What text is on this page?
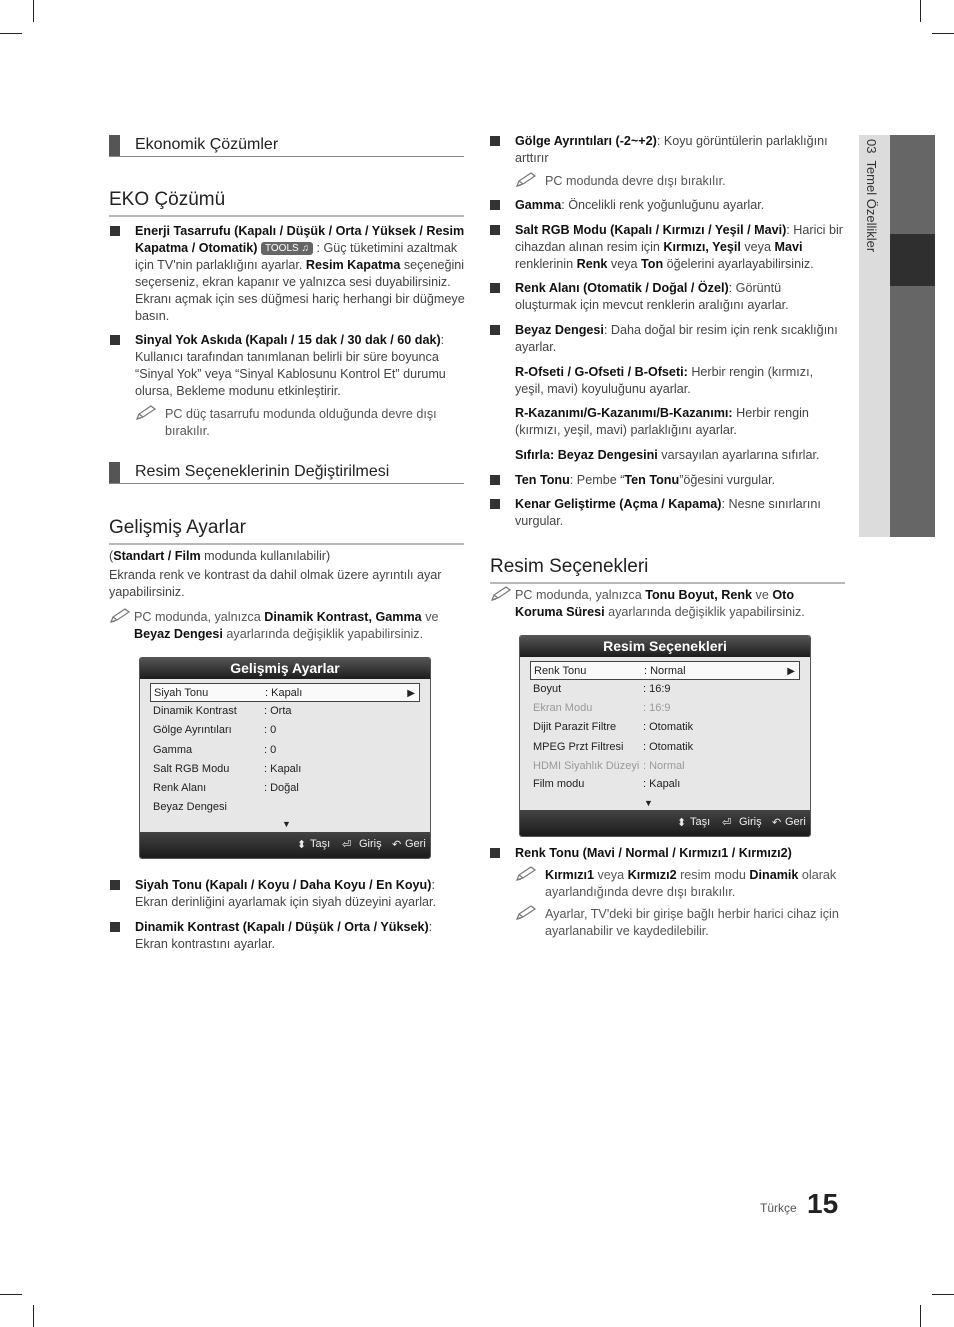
03  Temel Özellikler
Ekonomik Çözümler
EKO Çözümü
Enerji Tasarrufu (Kapalı / Düşük / Orta / Yüksek / Resim Kapatma / Otomatik) TOOLS ♫ : Güç tüketimini azaltmak için TV'nin parlaklığını ayarlar. Resim Kapatma seçeneğini seçerseniz, ekran kapanır ve yalnızca sesi duyabilirsiniz. Ekranı açmak için ses düğmesi hariç herhangi bir düğmeye basın.
Sinyal Yok Askıda (Kapalı / 15 dak / 30 dak / 60 dak): Kullanıcı tarafından tanımlanan belirli bir süre boyunca “Sinyal Yok” veya “Sinyal Kablosunu Kontrol Et” durumu olursa, Bekleme modunu etkinleştirir.
PC düç tasarrufu modunda olduğunda devre dışı bırakılır.
Resim Seçeneklerinin Değiştirilmesi
Gelişmiş Ayarlar
(Standart / Film modunda kullanılabilir)
Ekranda renk ve kontrast da dahil olmak üzere ayrıntılı ayar yapabilirsiniz.
PC modunda, yalnızca Dinamik Kontrast, Gamma ve Beyaz Dengesi ayarlarında değişiklik yapabilirsiniz.
Gelişmiş Ayarlar
Siyah Tonu	: Kapalı	▶
Dinamik Kontrast : Orta
Gölge Ayrıntıları	: 0
Gamma	: 0
Salt RGB Modu	: Kapalı
Renk Alanı	: Doğal
Beyaz Dengesi
▼
⬍ Taşı ⏎ Giriş ↶ Geri
Siyah Tonu (Kapalı / Koyu / Daha Koyu / En Koyu): Ekran derinliğini ayarlamak için siyah düzeyini ayarlar.
Dinamik Kontrast (Kapalı / Düşük / Orta / Yüksek): Ekran kontrastını ayarlar.
Gölge Ayrıntıları (-2~+2): Koyu görüntülerin parlaklığını arttırır
PC modunda devre dışı bırakılır.
Gamma: Öncelikli renk yoğunluğunu ayarlar.
Salt RGB Modu (Kapalı / Kırmızı / Yeşil / Mavi): Harici bir cihazdan alınan resim için Kırmızı, Yeşil veya Mavi renklerinin Renk veya Ton öğelerini ayarlayabilirsiniz.
Renk Alanı (Otomatik / Doğal / Özel): Görüntü oluşturmak için mevcut renklerin aralığını ayarlar.
Beyaz Dengesi: Daha doğal bir resim için renk sıcaklığını ayarlar.
R-Ofseti / G-Ofseti / B-Ofseti: Herbir rengin (kırmızı, yeşil, mavi) koyuluğunu ayarlar.
R-Kazanımı/G-Kazanımı/B-Kazanımı: Herbir rengin (kırmızı, yeşil, mavi) parlaklığını ayarlar.
Sıfırla: Beyaz Dengesini varsayılan ayarlarına sıfırlar.
Ten Tonu: Pembe “Ten Tonu”öğesini vurgular.
Kenar Geliştirme (Açma / Kapama): Nesne sınırlarını vurgular.
Resim Seçenekleri
PC modunda, yalnızca Tonu Boyut, Renk ve Oto Koruma Süresi ayarlarında değişiklik yapabilirsiniz.
Resim Seçenekleri
Renk Tonu	: Normal	▶
Boyut	: 16:9
Ekran Modu	: 16:9
Dijit Parazit Filtre : Otomatik
MPEG Przt Filtresi : Otomatik
HDMI Siyahlık Düzeyi : Normal
Film modu	: Kapalı
▼
⬍ Taşı ⏎ Giriş ↶ Geri
Renk Tonu (Mavi / Normal / Kırmızı1 / Kırmızı2)
Kırmızı1 veya Kırmızı2 resim modu Dinamik olarak ayarlandığında devre dışı bırakılır.
Ayarlar, TV'deki bir girişe bağlı herbir harici cihaz için ayarlanabilir ve kaydedilebilir.
Türkçe 15
